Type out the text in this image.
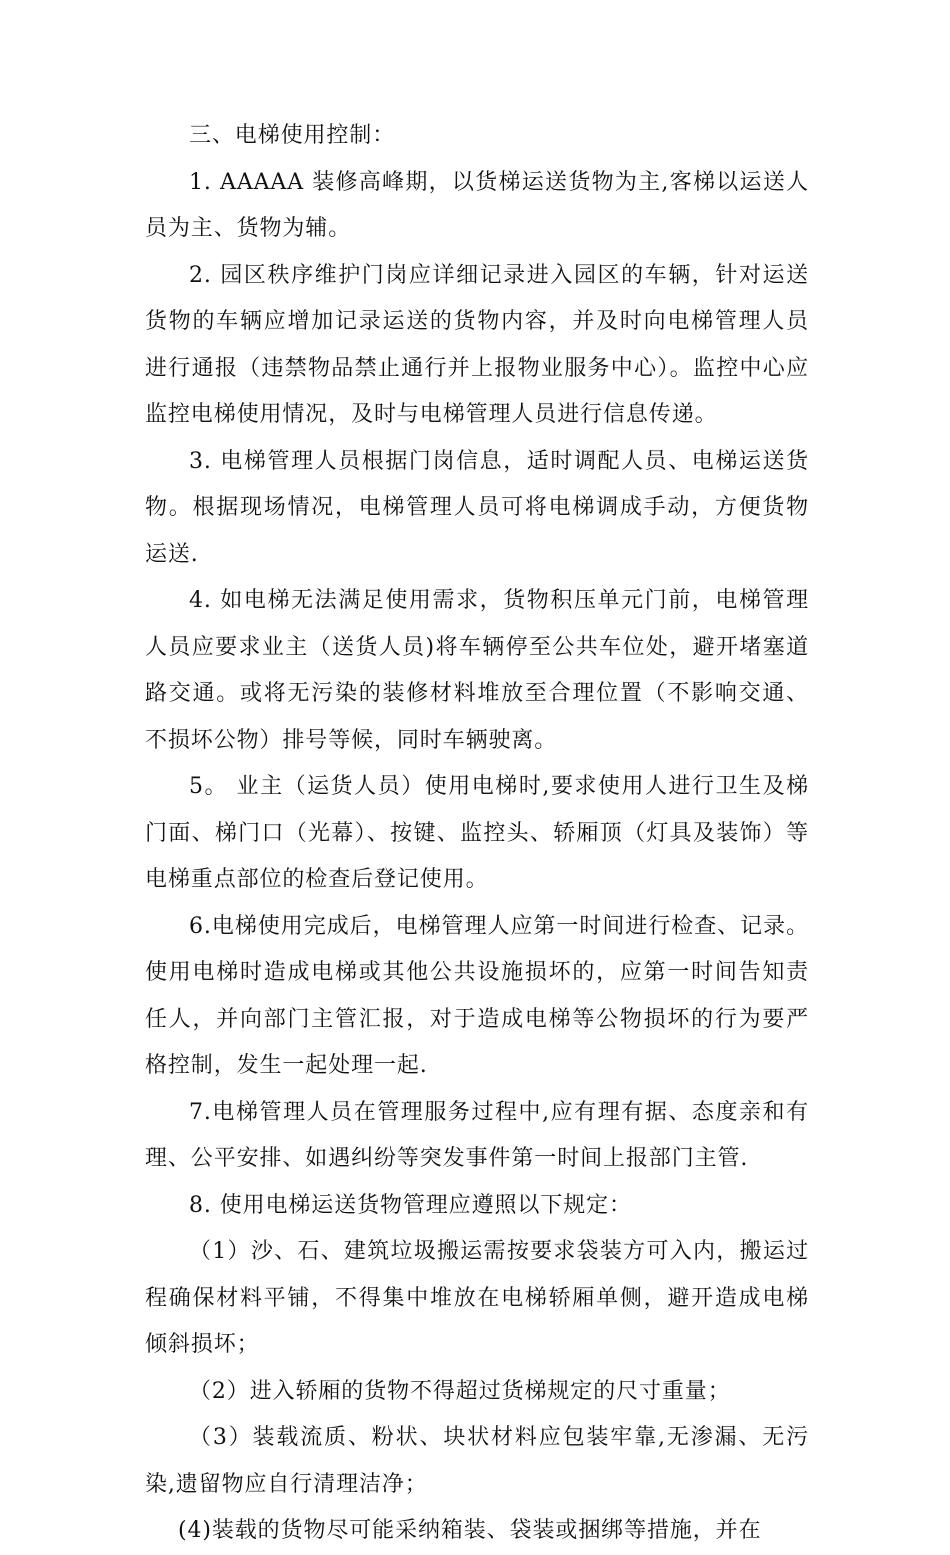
三、电梯使用控制：

1. AAAAA 装修高峰期，以货梯运送货物为主,客梯以运送人员为主、货物为辅。

2. 园区秩序维护门岗应详细记录进入园区的车辆，针对运送货物的车辆应增加记录运送的货物内容，并及时向电梯管理人员进行通报（违禁物品禁止通行并上报物业服务中心）。监控中心应监控电梯使用情况，及时与电梯管理人员进行信息传递。

3. 电梯管理人员根据门岗信息，适时调配人员、电梯运送货物。根据现场情况，电梯管理人员可将电梯调成手动，方便货物运送.

4. 如电梯无法满足使用需求，货物积压单元门前，电梯管理人员应要求业主（送货人员)将车辆停至公共车位处，避开堵塞道路交通。或将无污染的装修材料堆放至合理位置（不影响交通、不损坏公物）排号等候，同时车辆驶离。

5。 业主（运货人员）使用电梯时,要求使用人进行卫生及梯门面、梯门口（光幕）、按键、监控头、轿厢顶（灯具及装饰）等电梯重点部位的检查后登记使用。

6.电梯使用完成后，电梯管理人应第一时间进行检查、记录。使用电梯时造成电梯或其他公共设施损坏的，应第一时间告知责任人，并向部门主管汇报，对于造成电梯等公物损坏的行为要严格控制，发生一起处理一起.

7.电梯管理人员在管理服务过程中,应有理有据、态度亲和有理、公平安排、如遇纠纷等突发事件第一时间上报部门主管.

8. 使用电梯运送货物管理应遵照以下规定：

（1）沙、石、建筑垃圾搬运需按要求袋装方可入内，搬运过程确保材料平铺，不得集中堆放在电梯轿厢单侧，避开造成电梯倾斜损坏；

（2）进入轿厢的货物不得超过货梯规定的尺寸重量；

（3）装载流质、粉状、块状材料应包装牢靠,无渗漏、无污染,遗留物应自行清理洁净；

(4)装载的货物尽可能采纳箱装、袋装或捆绑等措施，并在
